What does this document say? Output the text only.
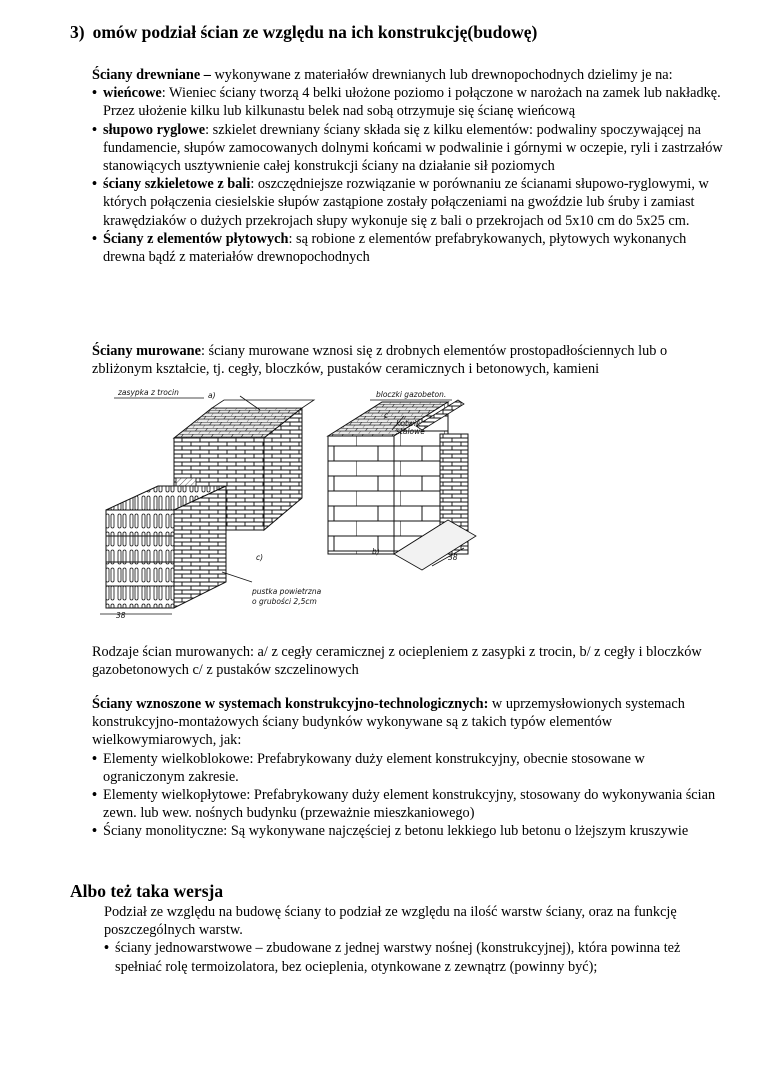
3) omów podział ścian ze względu na ich konstrukcję(budowę)

Ściany drewniane – wykonywane z materiałów drewnianych lub drewnopochodnych dzielimy je na:

• wieńcowe: Wieniec ściany tworzą 4 belki ułożone poziomo i połączone w narożach na zamek lub nakładkę. Przez ułożenie kilku lub kilkunastu belek nad sobą otrzymuje się ścianę wieńcową
• słupowo ryglowe: szkielet drewniany ściany składa się z kilku elementów: podwaliny spoczywającej na fundamencie, słupów zamocowanych dolnymi końcami w podwalinie i górnymi w oczepie, ryli i zastrzałów stanowiących usztywnienie całej konstrukcji ściany na działanie sił poziomych
• ściany szkieletowe z bali: oszczędniejsze rozwiązanie w porównaniu ze ścianami słupowo-ryglowymi, w których połączenia ciesielskie słupów zastąpione zostały połączeniami na gwoździe lub śruby i zamiast krawędziaków o dużych przekrojach słupy wykonuje się z bali o przekrojach od 5x10 cm do 5x25 cm.
• Ściany z elementów płytowych: są robione z elementów prefabrykowanych, płytowych wykonanych drewna bądź z materiałów drewnopochodnych

Ściany murowane: ściany murowane wznosi się z drobnych elementów prostopadłościennych lub o zbliżonym kształcie, tj. cegły, bloczków, pustaków ceramicznych i betonowych, kamieni

zasypka z trocin	a)	bloczki gazobeton.
c
kotwie
stalowe
b)
c)
pustka powietrzna
o grubości 2,5cm
38
38

Rodzaje ścian murowanych: a/ z cegły ceramicznej z ociepleniem z zasypki z trocin, b/ z cegły i bloczków gazobetonowych c/ z pustaków szczelinowych

Ściany wznoszone w systemach konstrukcyjno-technologicznych: w uprzemysłowionych systemach konstrukcyjno-montażowych ściany budynków wykonywane są z takich typów elementów wielkowymiarowych, jak:

• Elementy wielkoblokowe: Prefabrykowany duży element konstrukcyjny, obecnie stosowane w ograniczonym zakresie.
• Elementy wielkopłytowe: Prefabrykowany duży element konstrukcyjny, stosowany do wykonywania ścian zewn. lub wew. nośnych budynku (przeważnie mieszkaniowego)
• Ściany monolityczne: Są wykonywane najczęściej z betonu lekkiego lub betonu o lżejszym kruszywie
Albo też taka wersja

Podział ze względu na budowę ściany to podział ze względu na ilość warstw ściany, oraz na funkcję poszczególnych warstw.

• ściany jednowarstwowe – zbudowane z jednej warstwy nośnej (konstrukcyjnej), która powinna też spełniać rolę termoizolatora, bez ocieplenia, otynkowane z zewnątrz (powinny być);
